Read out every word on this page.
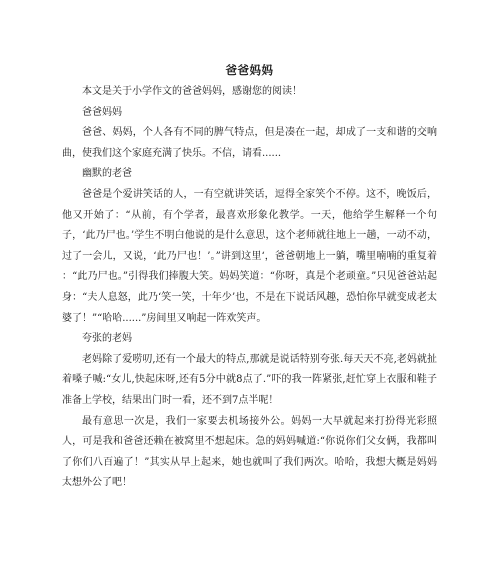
爸爸妈妈

本文是关于小学作文的爸爸妈妈，感谢您的阅读！

爸爸妈妈

爸爸、妈妈，个人各有不同的脾气特点，但是凑在一起，却成了一支和谐的交响曲，使我们这个家庭充满了快乐。不信，请看......

幽默的老爸

爸爸是个爱讲笑话的人，一有空就讲笑话，逗得全家笑个不停。这不，晚饭后，他又开始了：“从前，有个学者，最喜欢形象化教学。一天，他给学生解释一个句子，‘此乃尸也。’学生不明白他说的是什么意思，这个老师就往地上一趟，一动不动，过了一会儿，又说，‘此乃尸也！’。”讲到这里‘，爸爸朝地上一躺，嘴里喃喃的重复着 ：“此乃尸也。”引得我们捧腹大笑。妈妈笑道：“你呀，真是个老顽童。”只见爸爸站起身：“夫人息怒，此乃‘笑一笑，十年少’也，不是在下说话风趣，恐怕你早就变成老太婆了！”“哈哈......”房间里又响起一阵欢笑声。

夸张的老妈

老妈除了爱唠叨,还有一个最大的特点,那就是说话特别夸张.每天天不亮,老妈就扯着嗓子喊:“女儿,快起床呀,还有5分中就8点了.”吓的我一阵紧张,赶忙穿上衣服和鞋子准备上学校，结果出门时一看，还不到7点半呢！

最有意思一次是，我们一家要去机场接外公。妈妈一大早就起来打扮得光彩照人，可是我和爸爸还赖在被窝里不想起床。急的妈妈喊道:“你说你们父女俩，我都叫了你们八百遍了！”其实从早上起来，她也就叫了我们两次。哈哈，我想大概是妈妈太想外公了吧！
